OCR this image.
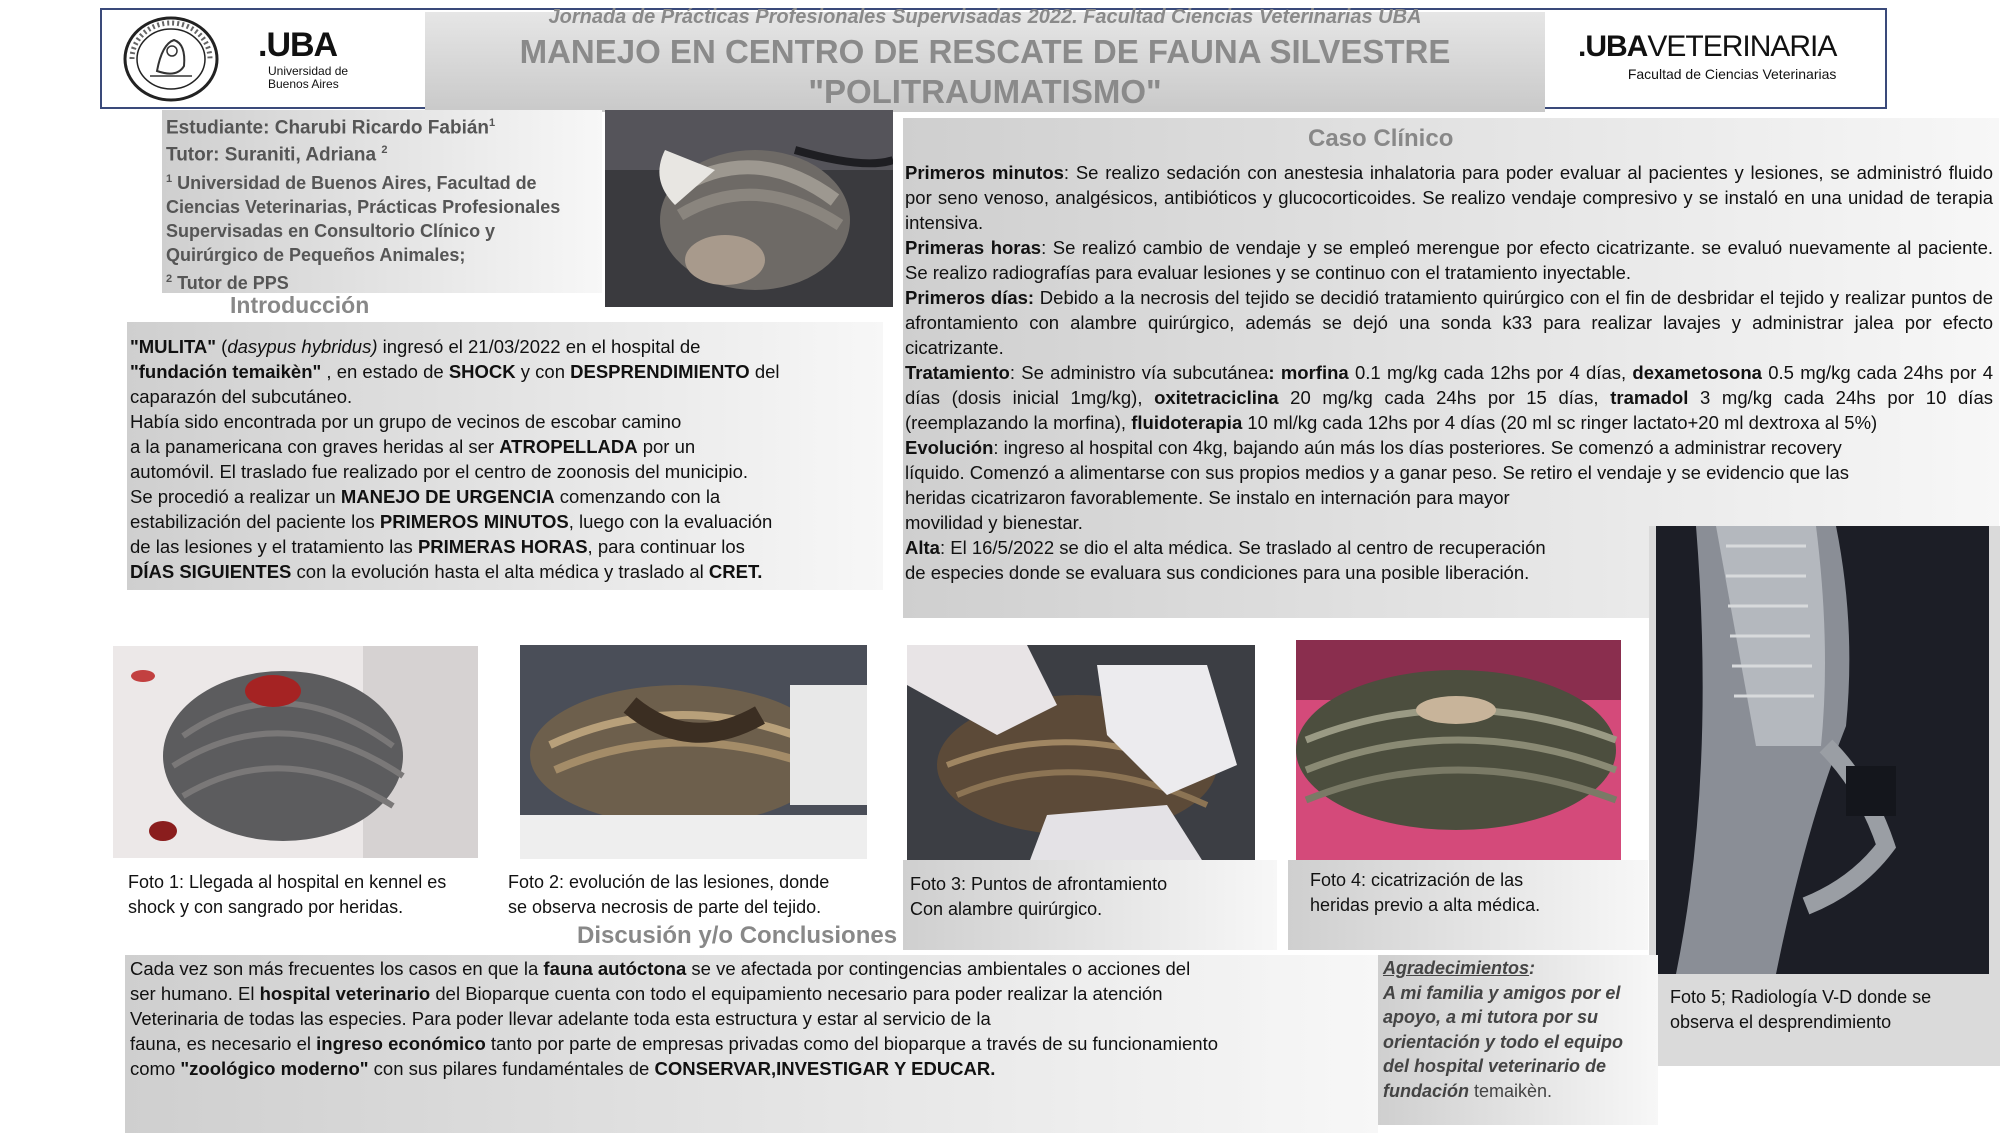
.UBA
Universidad de
Buenos Aires
Jornada de Prácticas Profesionales Supervisadas 2022. Facultad Ciencias Veterinarias UBA
MANEJO EN CENTRO DE RESCATE DE FAUNA SILVESTRE
"POLITRAUMATISMO"
.UBAVETERINARIA
Facultad de Ciencias Veterinarias
Estudiante: Charubi Ricardo Fabián$^1$
Tutor: Suraniti, Adriana $^2$
$^1$ Universidad de Buenos Aires, Facultad de
Ciencias Veterinarias, Prácticas Profesionales
Supervisadas en Consultorio Clínico y
Quirúrgico de Pequeños Animales;
$^2$ Tutor de PPS
Introducción
"MULITA" (dasypus hybridus) ingresó el 21/03/2022 en el hospital de
"fundación temaikèn" , en estado de SHOCK y con DESPRENDIMIENTO del
caparazón del subcutáneo.
Había sido encontrada por un grupo de vecinos de escobar camino
a la panamericana con graves heridas al ser ATROPELLADA por un
automóvil. El traslado fue realizado por el centro de zoonosis del municipio.
Se procedió a realizar un MANEJO DE URGENCIA comenzando con la
estabilización del paciente los PRIMEROS MINUTOS, luego con la evaluación
de las lesiones y el tratamiento las PRIMERAS HORAS, para continuar los
DÍAS SIGUIENTES con la evolución hasta el alta médica y traslado al CRET.
Caso Clínico

Primeros minutos: Se realizo sedación con anestesia inhalatoria para poder evaluar al pacientes y lesiones, se administró fluido por seno venoso, analgésicos, antibióticos y glucocorticoides. Se realizo vendaje compresivo y se instaló en una unidad de terapia intensiva.

Primeras horas: Se realizó cambio de vendaje y se empleó merengue por efecto cicatrizante. se evaluó nuevamente al paciente. Se realizo radiografías para evaluar lesiones y se continuo con el tratamiento inyectable.

Primeros días: Debido a la necrosis del tejido se decidió tratamiento quirúrgico con el fin de desbridar el tejido y realizar puntos de afrontamiento con alambre quirúrgico, además se dejó una sonda k33 para realizar lavajes y administrar jalea por efecto cicatrizante.

Tratamiento: Se administro vía subcutánea: morfina 0.1 mg/kg cada 12hs por 4 días, dexametosona 0.5 mg/kg cada 24hs por 4 días (dosis inicial 1mg/kg), oxitetraciclina 20 mg/kg cada 24hs por 15 días, tramadol 3 mg/kg cada 24hs por 10 días (reemplazando la morfina), fluidoterapia 10 ml/kg cada 12hs por 4 días (20 ml sc ringer lactato+20 ml dextroxa al 5%)

Evolución: ingreso al hospital con 4kg, bajando aún más los días posteriores. Se comenzó a administrar recovery
líquido. Comenzó a alimentarse con sus propios medios y a ganar peso. Se retiro el vendaje y se evidencio que las
heridas cicatrizaron favorablemente. Se instalo en internación para mayor
movilidad y bienestar.
Alta: El 16/5/2022 se dio el alta médica. Se traslado al centro de recuperación
de especies donde se evaluara sus condiciones para una posible liberación.
Foto 1: Llegada al hospital en kennel es
shock y con sangrado por heridas.
Foto 2: evolución de las lesiones, donde
se observa necrosis de parte del tejido.
Foto 3: Puntos de afrontamiento
Con alambre quirúrgico.
Foto 4: cicatrización de las
heridas previo a alta médica.
Foto 5; Radiología V-D donde se
observa el desprendimiento
Discusión y/o Conclusiones
Cada vez son más frecuentes los casos en que la fauna autóctona se ve afectada por contingencias ambientales o acciones del
ser humano. El hospital veterinario del Bioparque cuenta con todo el equipamiento necesario para poder realizar la atención
Veterinaria de todas las especies. Para poder llevar adelante toda esta estructura y estar al servicio de la
fauna, es necesario el ingreso económico tanto por parte de empresas privadas como del bioparque a través de su funcionamiento
como "zoológico moderno" con sus pilares fundaméntales de CONSERVAR,INVESTIGAR Y EDUCAR.
Agradecimientos:
A mi familia y amigos por el
apoyo, a mi tutora por su
orientación y todo el equipo
del hospital veterinario de
fundación temaikèn.
